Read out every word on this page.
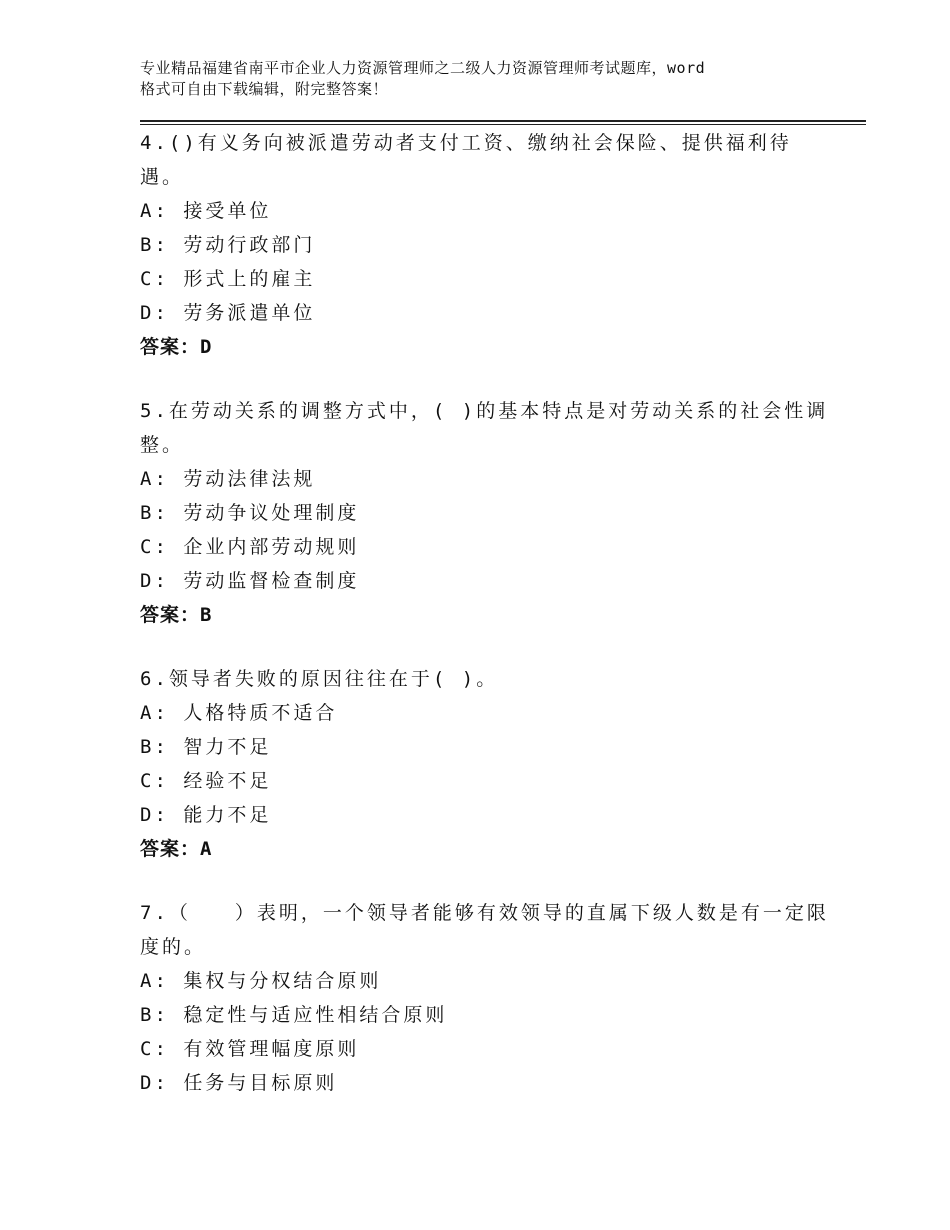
专业精品福建省南平市企业人力资源管理师之二级人力资源管理师考试题库，word
格式可自由下载编辑，附完整答案！

4.()有义务向被派遣劳动者支付工资、缴纳社会保险、提供福利待遇。

A: 接受单位

B: 劳动行政部门

C: 形式上的雇主

D: 劳务派遣单位

答案：D

5.在劳动关系的调整方式中，( )的基本特点是对劳动关系的社会性调整。

A: 劳动法律法规

B: 劳动争议处理制度

C: 企业内部劳动规则

D: 劳动监督检查制度

答案：B

6.领导者失败的原因往往在于( )。

A: 人格特质不适合

B: 智力不足

C: 经验不足

D: 能力不足

答案：A

7.（　　）表明，一个领导者能够有效领导的直属下级人数是有一定限度的。

A: 集权与分权结合原则

B: 稳定性与适应性相结合原则

C: 有效管理幅度原则

D: 任务与目标原则
